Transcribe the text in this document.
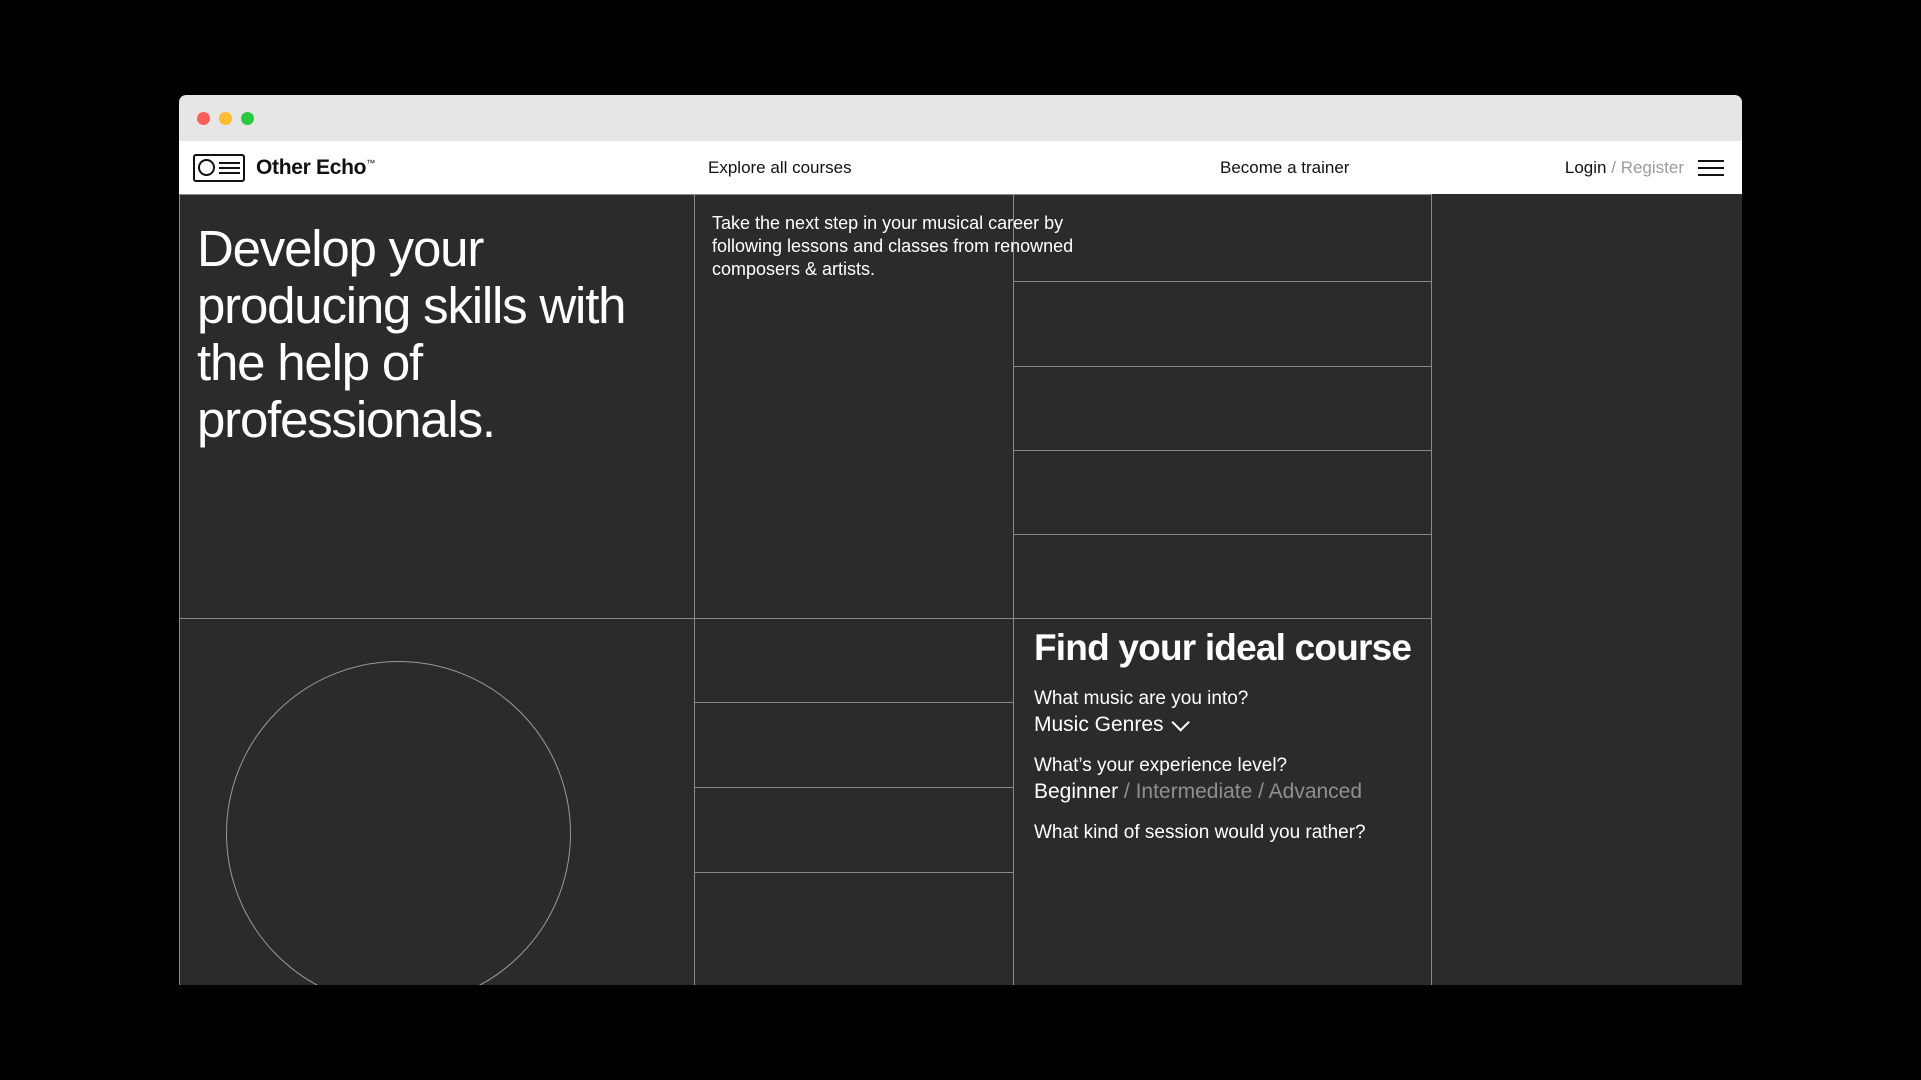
Other Echo™	Explore all courses	Become a trainer	Login / Register
Develop your producing skills with the help of professionals.

Take the next step in your musical career by following lessons and classes from renowned composers & artists.

Find your ideal course
What music are you into?
Music Genres
What’s your experience level?
Beginner / Intermediate / Advanced
What kind of session would you rather?
